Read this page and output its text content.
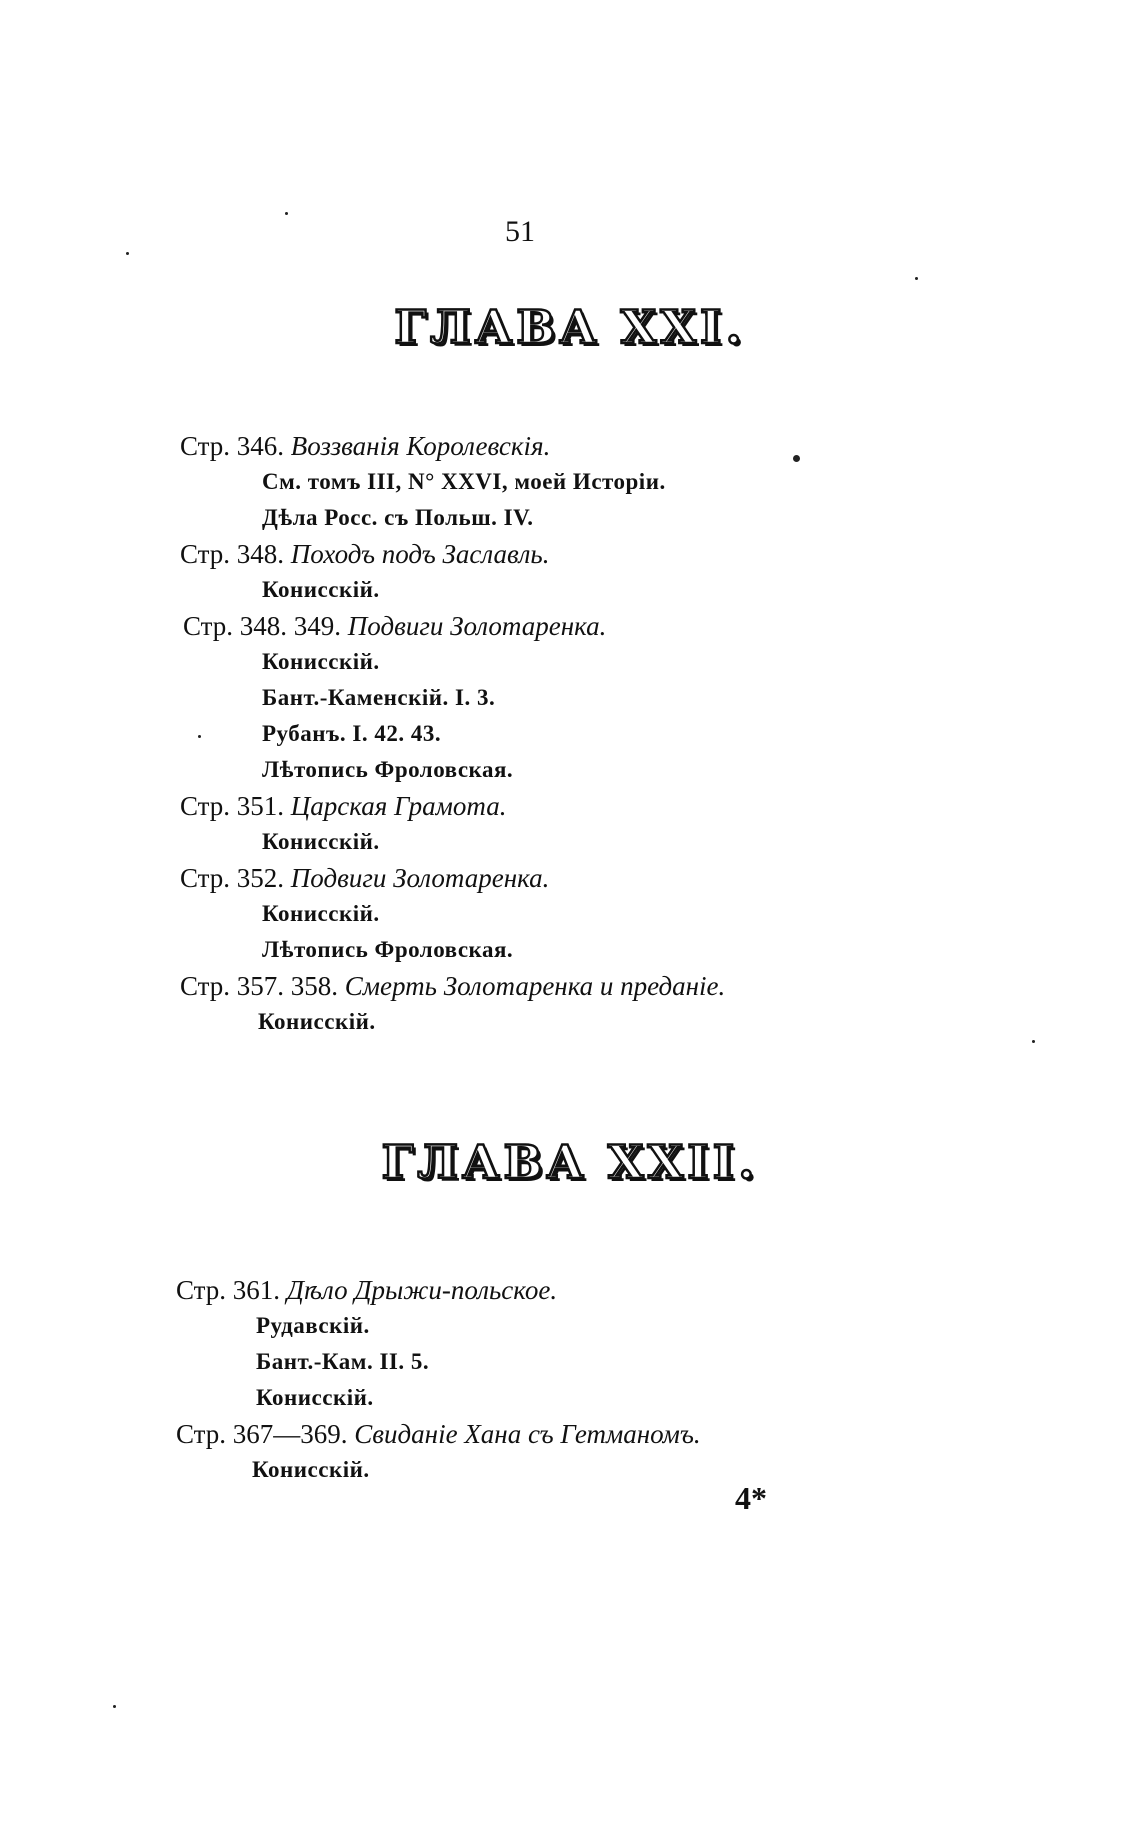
51
ГЛАВА XXI.
Стр. 346. Воззванія Королевскія.
См. томъ III, N° XXVI, моей Исторіи.
Дѣла Росс. съ Польш. IV.
Стр. 348. Походъ подъ Заславль.
Конисскій.
Стр. 348. 349. Подвиги Золотаренка.
Конисскій.
Бант.-Каменскій. I. 3.
Рубанъ. I. 42. 43.
Лѣтопись Фроловская.
Стр. 351. Царская Грамота.
Конисскій.
Стр. 352. Подвиги Золотаренка.
Конисскій.
Лѣтопись Фроловская.
Стр. 357. 358. Смерть Золотаренка и преданіе.
Конисскій.
ГЛАВА XXII.
Стр. 361. Дѣло Дрыжи-польское.
Рудавскій.
Бант.-Кам. II. 5.
Конисскій.
Стр. 367—369. Свиданіе Хана съ Гетманомъ.
Конисскій.
4*
